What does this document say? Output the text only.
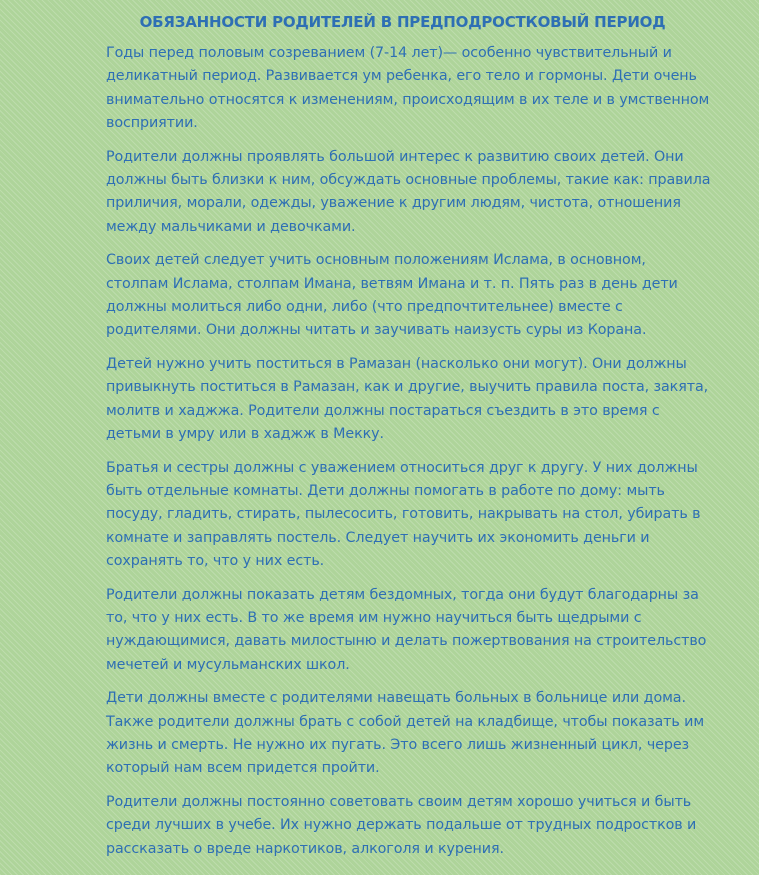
ОБЯЗАННОСТИ РОДИТЕЛЕЙ В ПРЕДПОДРОСТКОВЫЙ ПЕРИОД

Годы перед половым созреванием (7-14 лет)— особенно чувствительный и деликатный период. Развивается ум ребенка, его тело и гормоны. Дети очень внимательно относятся к изменениям, происходящим в их теле и в умственном восприятии.

Родители должны проявлять большой интерес к развитию своих детей. Они должны быть близки к ним, обсуждать основные проблемы, такие как: правила приличия, морали, одежды, уважение к другим людям, чистота, отношения между мальчиками и девочками.

Своих детей следует учить основным положениям Ислама, в основном, столпам Ислама, столпам Имана, ветвям Имана и т. п. Пять раз в день дети должны молиться либо одни, либо (что предпочтительнее) вместе с родителями. Они должны читать и заучивать наизусть суры из Корана.

Детей нужно учить поститься в Рамазан (насколько они могут). Они должны привыкнуть поститься в Рамазан, как и другие, выучить правила поста, закята, молитв и хаджжа. Родители должны постараться съездить в это время с детьми в умру или в хаджж в Мекку.

Братья и сестры должны с уважением относиться друг к другу. У них должны быть отдельные комнаты. Дети должны помогать в работе по дому: мыть посуду, гладить, стирать, пылесосить, готовить, накрывать на стол, убирать в комнате и заправлять постель. Следует научить их экономить деньги и сохранять то, что у них есть.

Родители должны показать детям бездомных, тогда они будут благодарны за то, что у них есть. В то же время им нужно научиться быть щедрыми с нуждающимися, давать милостыню и делать пожертвования на строительство мечетей и мусульманских школ.

Дети должны вместе с родителями навещать больных в больнице или дома. Также родители должны брать с собой детей на кладбище, чтобы показать им жизнь и смерть. Не нужно их пугать. Это всего лишь жизненный цикл, через который нам всем придется пройти.

Родители должны постоянно советовать своим детям хорошо учиться и быть среди лучших в учебе. Их нужно держать подальше от трудных подростков и рассказать о вреде наркотиков, алкоголя и курения.
